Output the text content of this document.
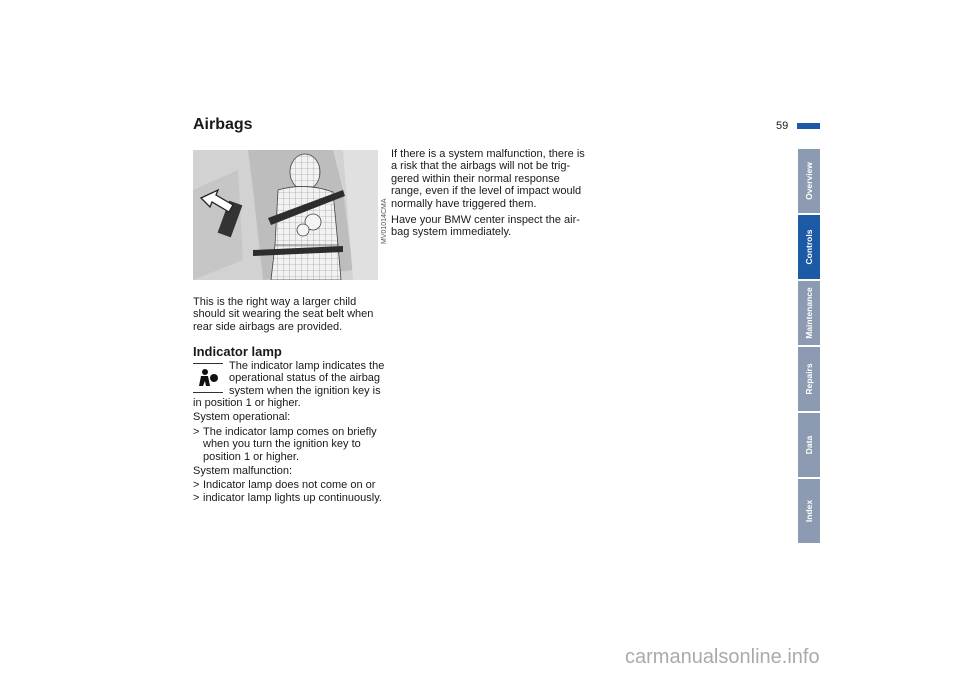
59
Airbags
MV01014CMA
This is the right way a larger child should sit wearing the seat belt when rear side airbags are provided.
Indicator lamp
The indicator lamp indicates the
operational status of the airbag
system when the ignition key is
in position 1 or higher.
System operational:
> The indicator lamp comes on briefly when you turn the ignition key to position 1 or higher.
System malfunction:
> Indicator lamp does not come on or
> indicator lamp lights up continuously.
If there is a system malfunction, there is a risk that the airbags will not be trig-gered within their normal response range, even if the level of impact would normally have triggered them.
Have your BMW center inspect the air-bag system immediately.
Overview
Controls
Maintenance
Repairs
Data
Index
carmanualsonline.info
